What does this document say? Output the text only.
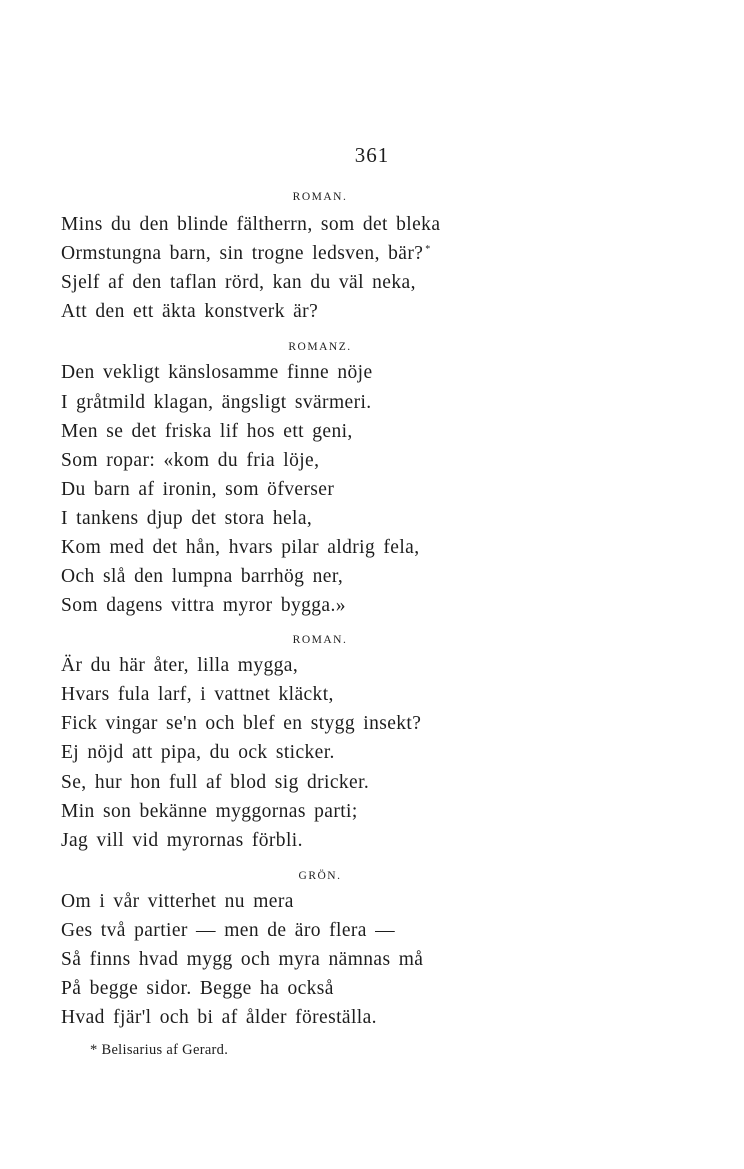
361
ROMAN.
Mins du den blinde fältherrn, som det bleka
Ormstungna barn, sin trogne ledsven, bär? *
Sjelf af den taflan rörd, kan du väl neka,
Att den ett äkta konstverk är?
ROMANZ.
Den vekligt känslosamme finne nöje
I gråtmild klagan, ängsligt svärmeri.
Men se det friska lif hos ett geni,
Som ropar: «kom du fria löje,
Du barn af ironin, som öfverser
I tankens djup det stora hela,
Kom med det hån, hvars pilar aldrig fela,
Och slå den lumpna barrhög ner,
Som dagens vittra myror bygga.»
ROMAN.
Är du här åter, lilla mygga,
Hvars fula larf, i vattnet kläckt,
Fick vingar se'n och blef en stygg insekt?
Ej nöjd att pipa, du ock sticker.
Se, hur hon full af blod sig dricker.
Min son bekänne myggornas parti;
Jag vill vid myrornas förbli.
GRÖN.
Om i vår vitterhet nu mera
Ges två partier — men de äro flera —
Så finns hvad mygg och myra nämnas må
På begge sidor. Begge ha också
Hvad fjär'l och bi af ålder föreställa.
* Belisarius af Gerard.
